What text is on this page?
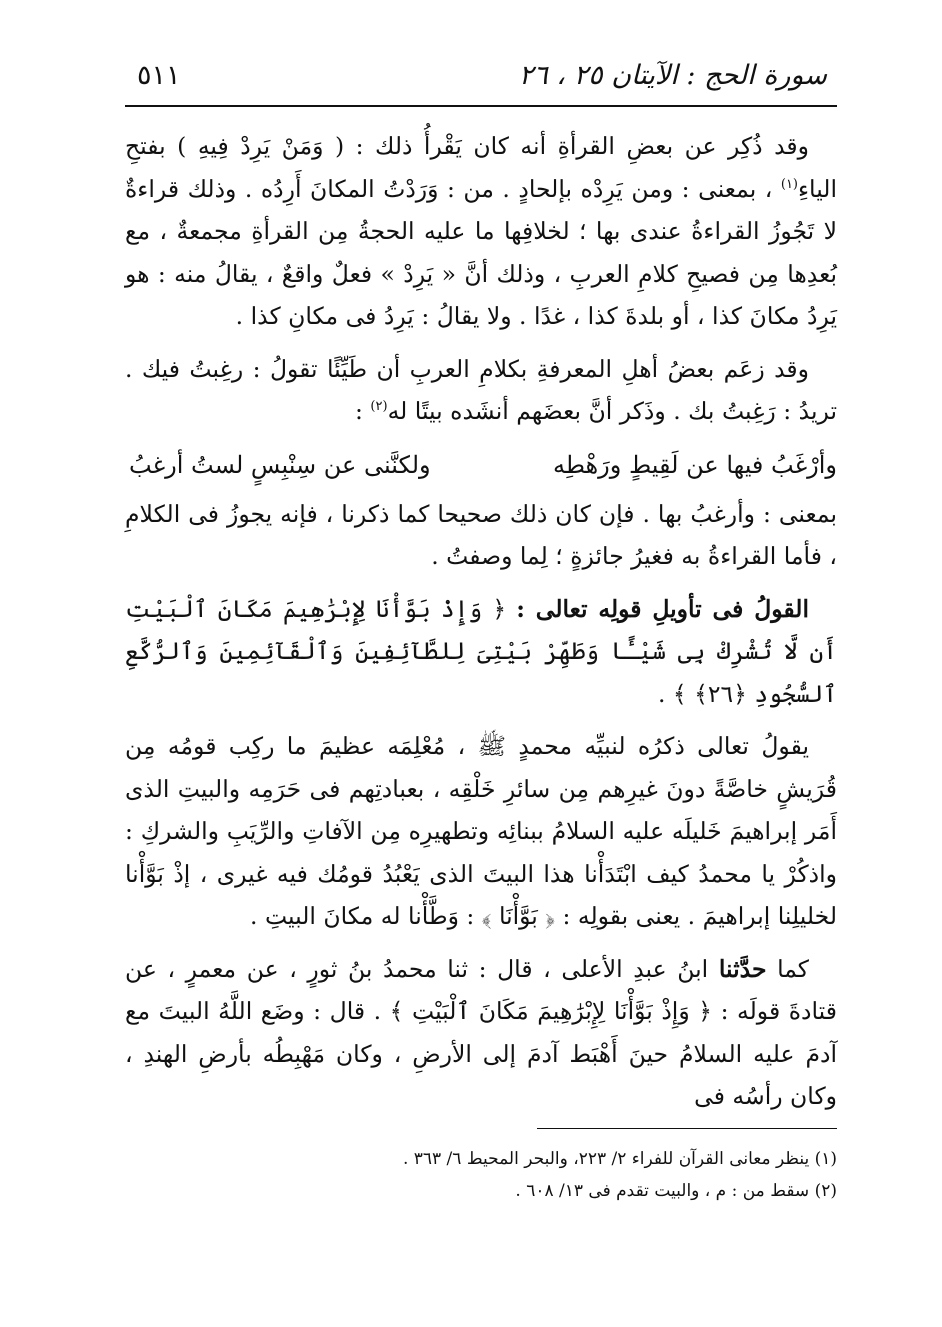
سورة الحج : الآيتان ٢٥ ، ٢٦
٥١١

وقد ذُكِر عن بعضِ القرأةِ أنه كان يَقْرأُ ذلك : ( وَمَنْ يَرِدْ فِيهِ ) بفتحِ الياءِ$^{(١)}$ ، بمعنى : ومن يَرِدْه بإلحادٍ . من : وَرَدْتُ المكانَ أَرِدُه . وذلك قراءةٌ لا تَجُوزُ القراءةُ عندى بها ؛ لخلافِها ما عليه الحجةُ مِن القرأةِ مجمعةٌ ، مع بُعدِها مِن فصيحِ كلامِ العربِ ، وذلك أنَّ « يَرِدْ » فعلٌ واقعٌ ، يقالُ منه : هو يَرِدُ مكانَ كذا ، أو بلدةَ كذا ، غدًا . ولا يقالُ : يَرِدُ فى مكانِ كذا .

وقد زعَم بعضُ أهلِ المعرفةِ بكلامِ العربِ أن طَيِّئًا تقولُ : رغِبتُ فيك . تريدُ : رَغِبتُ بك . وذَكر أنَّ بعضَهم أنشَده بيتًا له$^{(٢)}$ :

وأرْغَبُ فيها عن لَقِيطٍ ورَهْطِه
ولكنَّنى عن سِنْبِسٍ لستُ أرغبُ

بمعنى : وأرغبُ بها . فإن كان ذلك صحيحا كما ذكرنا ، فإنه يجوزُ فى الكلامِ ، فأما القراءةُ به فغيرُ جائزةٍ ؛ لِما وصفتُ .

القولُ فى تأويلِ قولِه تعالى : ﴿ وَإِذْ بَوَّأْنَا لِإِبْرَٰهِيمَ مَكَانَ ٱلْبَيْتِ أَن لَّا تُشْرِكْ بِى شَيْـًٔا وَطَهِّرْ بَيْتِىَ لِلطَّآئِفِينَ وَٱلْقَآئِمِينَ وَٱلرُّكَّعِ ٱلسُّجُودِ ﴿٢٦﴾ ﴾ .

يقولُ تعالى ذكرُه لنبيِّه محمدٍ ﷺ ، مُعْلِمَه عظيمَ ما ركِب قومُه مِن قُرَيشٍ خاصَّةً دونَ غيرِهم مِن سائرِ خَلْقِه ، بعبادتِهم فى حَرَمِه والبيتِ الذى أَمَر إبراهيمَ خَليلَه عليه السلامُ ببنائِه وتطهيرِه مِن الآفاتِ والرِّيَبِ والشركِ : واذكُرْ يا محمدُ كيف ابْتَدَأْنا هذا البيتَ الذى يَعْبُدُ قومُك فيه غيرى ، إذْ بَوَّأْنا لخليلِنا إبراهيمَ . يعنى بقولِه : ﴿ بَوَّأْنَا ﴾ : وَطَّأْنا له مكانَ البيتِ .

كما حدَّثنا ابنُ عبدِ الأعلى ، قال : ثنا محمدُ بنُ ثورٍ ، عن معمرٍ ، عن قتادةَ قولَه : ﴿ وَإِذْ بَوَّأْنَا لِإِبْرَٰهِيمَ مَكَانَ ٱلْبَيْتِ ﴾ . قال : وضَع اللَّهُ البيتَ مع آدمَ عليه السلامُ حينَ أَهْبَط آدمَ إلى الأرضِ ، وكان مَهْبِطُه بأرضِ الهندِ ، وكان رأسُه فى

(١) ينظر معانى القرآن للفراء ٢/ ٢٢٣، والبحر المحيط ٦/ ٣٦٣ .
(٢) سقط من : م ، والبيت تقدم فى ١٣/ ٦٠٨ .
